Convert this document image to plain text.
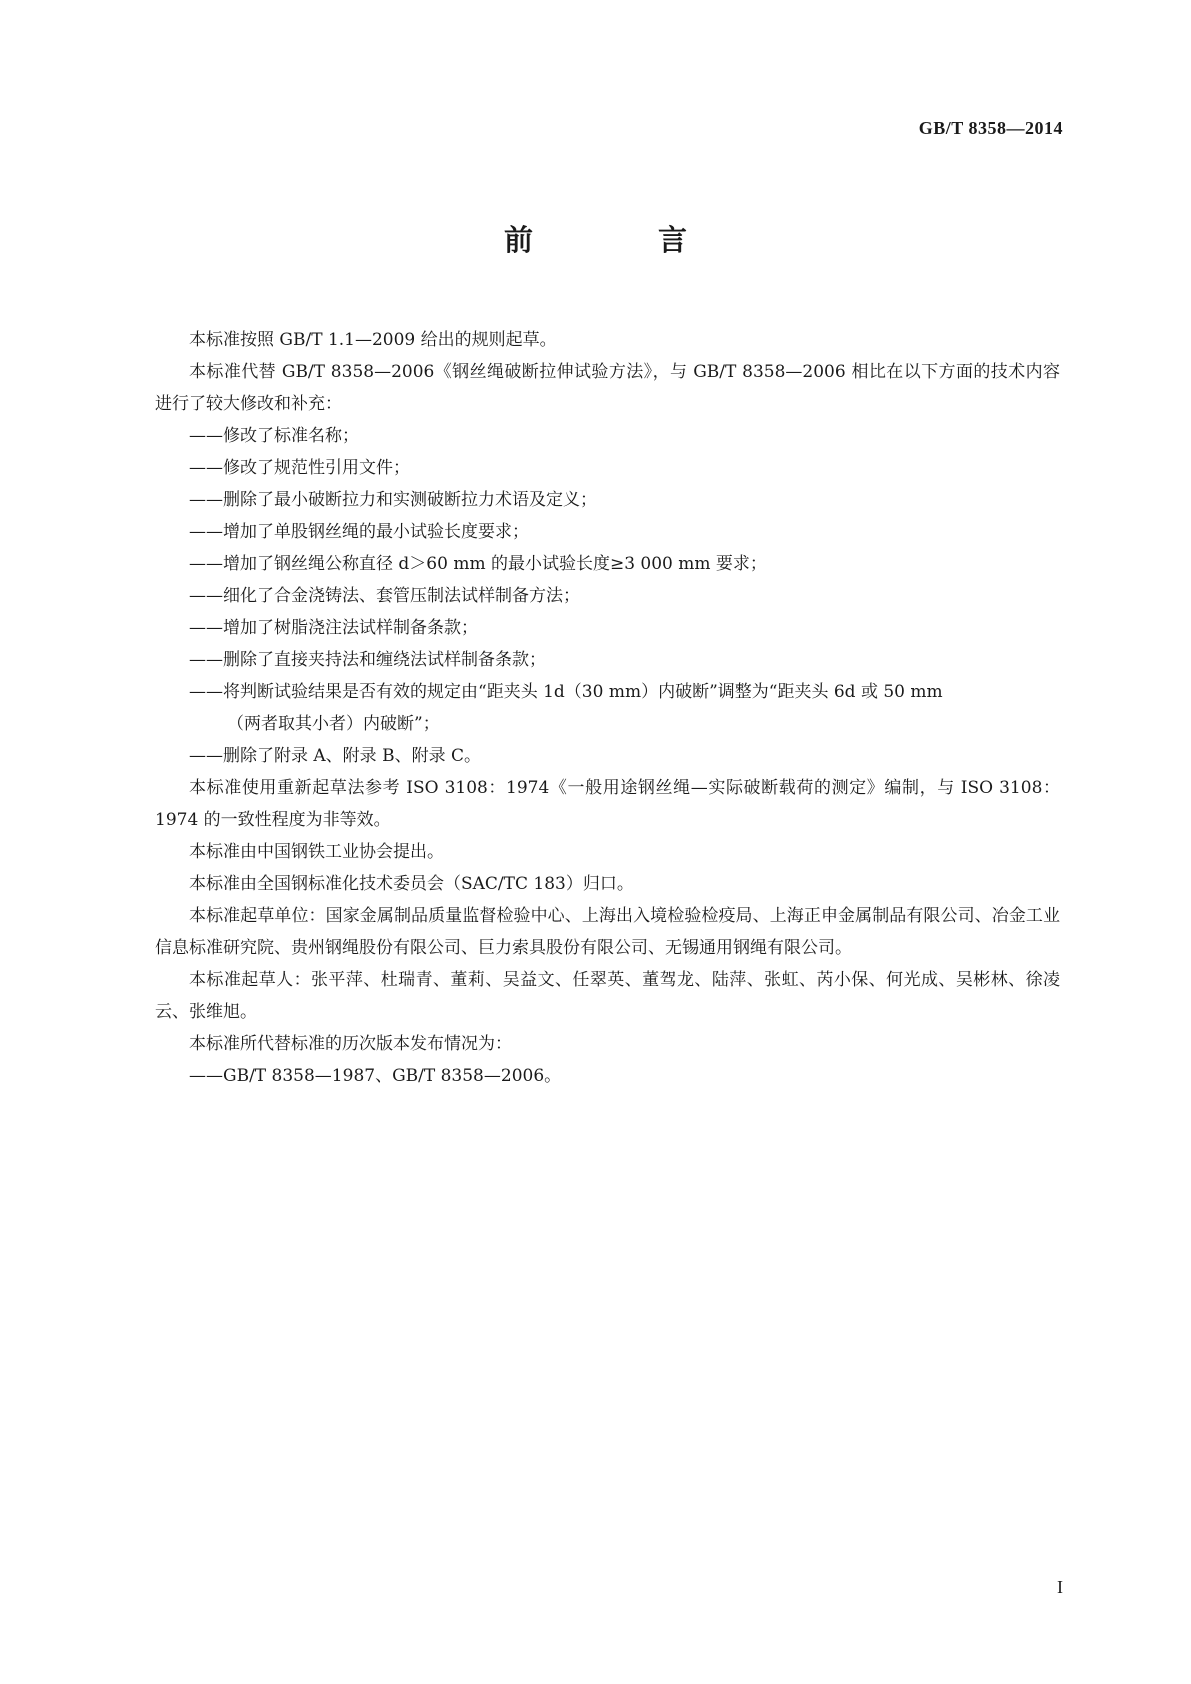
GB/T 8358—2014
前　言

本标准按照 GB/T 1.1—2009 给出的规则起草。

本标准代替 GB/T 8358—2006《钢丝绳破断拉伸试验方法》，与 GB/T 8358—2006 相比在以下方面的技术内容进行了较大修改和补充：

——修改了标准名称；

——修改了规范性引用文件；

——删除了最小破断拉力和实测破断拉力术语及定义；

——增加了单股钢丝绳的最小试验长度要求；

——增加了钢丝绳公称直径 d＞60 mm 的最小试验长度≥3 000 mm 要求；

——细化了合金浇铸法、套管压制法试样制备方法；

——增加了树脂浇注法试样制备条款；

——删除了直接夹持法和缠绕法试样制备条款；

——将判断试验结果是否有效的规定由“距夹头 1d（30 mm）内破断”调整为“距夹头 6d 或 50 mm
（两者取其小者）内破断”；

——删除了附录 A、附录 B、附录 C。

本标准使用重新起草法参考 ISO 3108：1974《一般用途钢丝绳—实际破断载荷的测定》编制，与 ISO 3108：1974 的一致性程度为非等效。

本标准由中国钢铁工业协会提出。

本标准由全国钢标准化技术委员会（SAC/TC 183）归口。

本标准起草单位：国家金属制品质量监督检验中心、上海出入境检验检疫局、上海正申金属制品有限公司、冶金工业信息标准研究院、贵州钢绳股份有限公司、巨力索具股份有限公司、无锡通用钢绳有限公司。

本标准起草人：张平萍、杜瑞青、董莉、吴益文、任翠英、董驾龙、陆萍、张虹、芮小保、何光成、吴彬林、徐凌云、张维旭。

本标准所代替标准的历次版本发布情况为：

——GB/T 8358—1987、GB/T 8358—2006。

I
